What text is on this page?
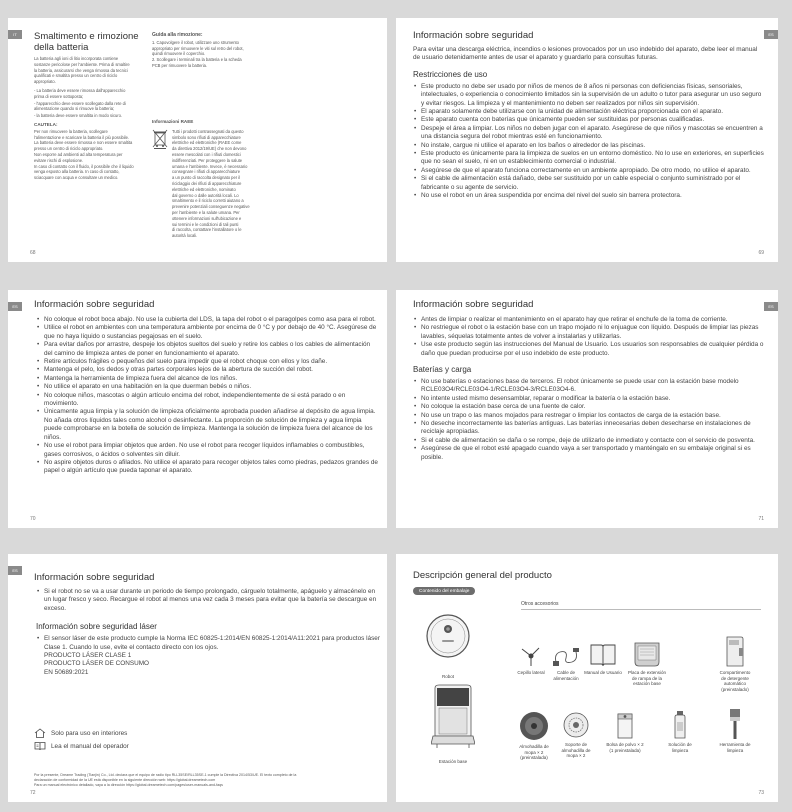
IT	Smaltimento e rimozione
della batteria

La batteria agli ioni di litio incorporata contiene
sostanze pericolose per l'ambiente. Prima di smaltire
la batteria, assicurarsi che venga rimossa da tecnici
qualificati e smaltita presso un centro di riciclo
appropriato.

- La batteria deve essere rimossa dall'apparecchio
prima di essere sottoposta;

- l'apparecchio deve essere scollegato dalla rete di
alimentazione quando si rimuove la batteria;

- la batteria deve essere smaltita in modo sicuro.

CAUTELA:

Per non rimuovere la batteria, scollegare
l'alimentazione e scaricare la batteria il più possibile.
La batteria deve essere rimossa e non essere smaltita
presso un centro di riciclo appropriato.
Non esporre ad ambienti ad alta temperatura per
evitare rischi di esplosione.
In caso di contatto con il fluido, il possibile che il liquido
venga esposto alla batteria. In caso di contatto,
sciacquare con acqua e consultare un medico.

Guida alla rimozione:

1. Capovolgere il robot, utilizzare uno strumento
appropriato per rimuovere le viti sul retro del robot,
quindi rimuovere il coperchio.
2. Scollegare i terminali tra la batteria e la scheda
PCB per rimuovere la batteria.

Informazioni RAEE

Tutti i prodotti contrassegnati da questo
simbolo sono rifiuti di apparecchiature
elettriche ed elettroniche (RAEE come
da direttiva 2012/19/UE) che non devono
essere mescolati con i rifiuti domestici
indifferenziati. Per proteggere la salute
umana e l'ambiente. Invece, è necessario
consegnare i rifiuti di apparecchiature
a un punto di raccolta designato per il
riciclaggio dei rifiuti di apparecchiature
elettriche ed elettroniche, nominato
dal governo o dalle autorità locali. Lo
smaltimento e il riciclo corretti aiutano a
prevenire potenziali conseguenze negative
per l'ambiente e la salute umana. Per
ottenere informazioni sull'ubicazione e
sui termini e le condizioni di tali punti
di raccolta, contattare l'installatore o le
autorità locali.

68
ES
Información sobre seguridad

Para evitar una descarga eléctrica, incendios o lesiones provocados por un uso indebido del aparato, debe leer el manual de usuario detenidamente antes de usar el aparato y guardarlo para consultas futuras.

Restricciones de uso
• Este producto no debe ser usado por niños de menos de 8 años ni personas con deficiencias físicas, sensoriales, intelectuales, o experiencia o conocimiento limitados sin la supervisión de un adulto o tutor para asegurar un uso seguro y evitar riesgos. La limpieza y el mantenimiento no deben ser realizados por niños sin supervisión.
• El aparato solamente debe utilizarse con la unidad de alimentación eléctrica proporcionada con el aparato.
• Este aparato cuenta con baterías que únicamente pueden ser sustituidas por personas cualificadas.
• Despeje el área a limpiar. Los niños no deben jugar con el aparato. Asegúrese de que niños y mascotas se encuentren a una distancia segura del robot mientras esté en funcionamiento.
• No instale, cargue ni utilice el aparato en los baños o alrededor de las piscinas.
• Este producto es únicamente para la limpieza de suelos en un entorno doméstico. No lo use en exteriores, en superficies que no sean el suelo, ni en un establecimiento comercial o industrial.
• Asegúrese de que el aparato funciona correctamente en un ambiente apropiado. De otro modo, no utilice el aparato.
• Si el cable de alimentación está dañado, debe ser sustituido por un cable especial o conjunto suministrado por el fabricante o su agente de servicio.
• No use el robot en un área suspendida por encima del nivel del suelo sin barrera protectora.
69
ES	Información sobre seguridad
• No coloque el robot boca abajo. No use la cubierta del LDS, la tapa del robot o el paragolpes como asa para el robot.
• Utilice el robot en ambientes con una temperatura ambiente por encima de 0 °C y por debajo de 40 °C. Asegúrese de que no haya líquido o sustancias pegajosas en el suelo.
• Para evitar daños por arrastre, despeje los objetos sueltos del suelo y retire los cables o los cables de alimentación del camino de limpieza antes de poner en funcionamiento el aparato.
• Retire artículos frágiles o pequeños del suelo para impedir que el robot choque con ellos y los dañe.
• Mantenga el pelo, los dedos y otras partes corporales lejos de la abertura de succión del robot.
• Mantenga la herramienta de limpieza fuera del alcance de los niños.
• No utilice el aparato en una habitación en la que duerman bebés o niños.
• No coloque niños, mascotas o algún artículo encima del robot, independientemente de si está parado o en movimiento.
• Únicamente agua limpia y la solución de limpieza oficialmente aprobada pueden añadirse al depósito de agua limpia. No añada otros líquidos tales como alcohol o desinfectante. La proporción de solución de limpieza y agua limpia puede comprobarse en la botella de solución de limpieza. Mantenga la solución de limpieza fuera del alcance de los niños.
• No use el robot para limpiar objetos que arden. No use el robot para recoger líquidos inflamables o combustibles, gases corrosivos, o ácidos o solventes sin diluir.
• No aspire objetos duros o afilados. No utilice el aparato para recoger objetos tales como piedras, pedazos grandes de papel o algún artículo que pueda taponar el aparato.
70
ES
Información sobre seguridad
• Antes de limpiar o realizar el mantenimiento en el aparato hay que retirar el enchufe de la toma de corriente.
• No restriegue el robot o la estación base con un trapo mojado ni lo enjuague con líquido. Después de limpiar las piezas lavables, séquelas totalmente antes de volver a instalarlas y utilizarlas.
• Use este producto según las instrucciones del Manual de Usuario. Los usuarios son responsables de cualquier pérdida o daño que puedan producirse por el uso indebido de este producto.
Baterías y carga
• No use baterías o estaciones base de terceros. El robot únicamente se puede usar con la estación base modelo RCLE03O4/RCLE03O4-1/RCLE03O4-3/RCLE03O4-6.
• No intente usted mismo desensamblar, reparar o modificar la batería o la estación base.
• No coloque la estación base cerca de una fuente de calor.
• No use un trapo o las manos mojados para restregar o limpiar los contactos de carga de la estación base.
• No deseche incorrectamente las baterías antiguas. Las baterías innecesarias deben desecharse en instalaciones de reciclaje apropiadas.
• Si el cable de alimentación se daña o se rompe, deje de utilizarlo de inmediato y contacte con el servicio de posventa.
• Asegúrese de que el robot esté apagado cuando vaya a ser transportado y manténgalo en su embalaje original si es posible.
71
ES
Información sobre seguridad
• Si el robot no se va a usar durante un periodo de tiempo prolongado, cárguelo totalmente, apáguelo y almacénelo en un lugar fresco y seco. Recargue el robot al menos una vez cada 3 meses para evitar que la batería se descargue en exceso.
Información sobre seguridad láser
• El sensor láser de este producto cumple la Norma IEC 60825-1:2014/EN 60825-1:2014/A11:2021 para productos láser Clase 1. Cuando lo use, evite el contacto directo con los ojos.
PRODUCTO LÁSER CLASE 1
PRODUCTO LÁSER DE CONSUMO
EN 50689:2021
Solo para uso en interiores
Lea el manual del operador
Por la presente, Dreame Trading (Tianjin) Co., Ltd. declara que el equipo de radio tipo RLL35SE/RLL35SE-1 cumple la Directiva 2014/53/UE. El texto completo de la
declaración de conformidad de la UE está disponible en la siguiente dirección web: https://global.dreametech.com
Para un manual electrónico detallado, vaya a la dirección https://global.dreametech.com/pages/user-manuals-and-faqs
72
Descripción general del producto
Contenido del embalaje
Otros accesorios
Robot
Estación base
Cepillo lateral	Cable de
alimentación
Manual de Usuario	Placa de extensión
de rampa de la
estación base
Compartimento
de detergente
automático
(preinstalado)
Almohadilla de
mopa × 2
(preinstalada)
Soporte de
almohadilla de
mopa × 2
Bolsa de polvo × 2
(1 preinstalada)
Solución de
limpieza
Herramienta de
limpieza
73
